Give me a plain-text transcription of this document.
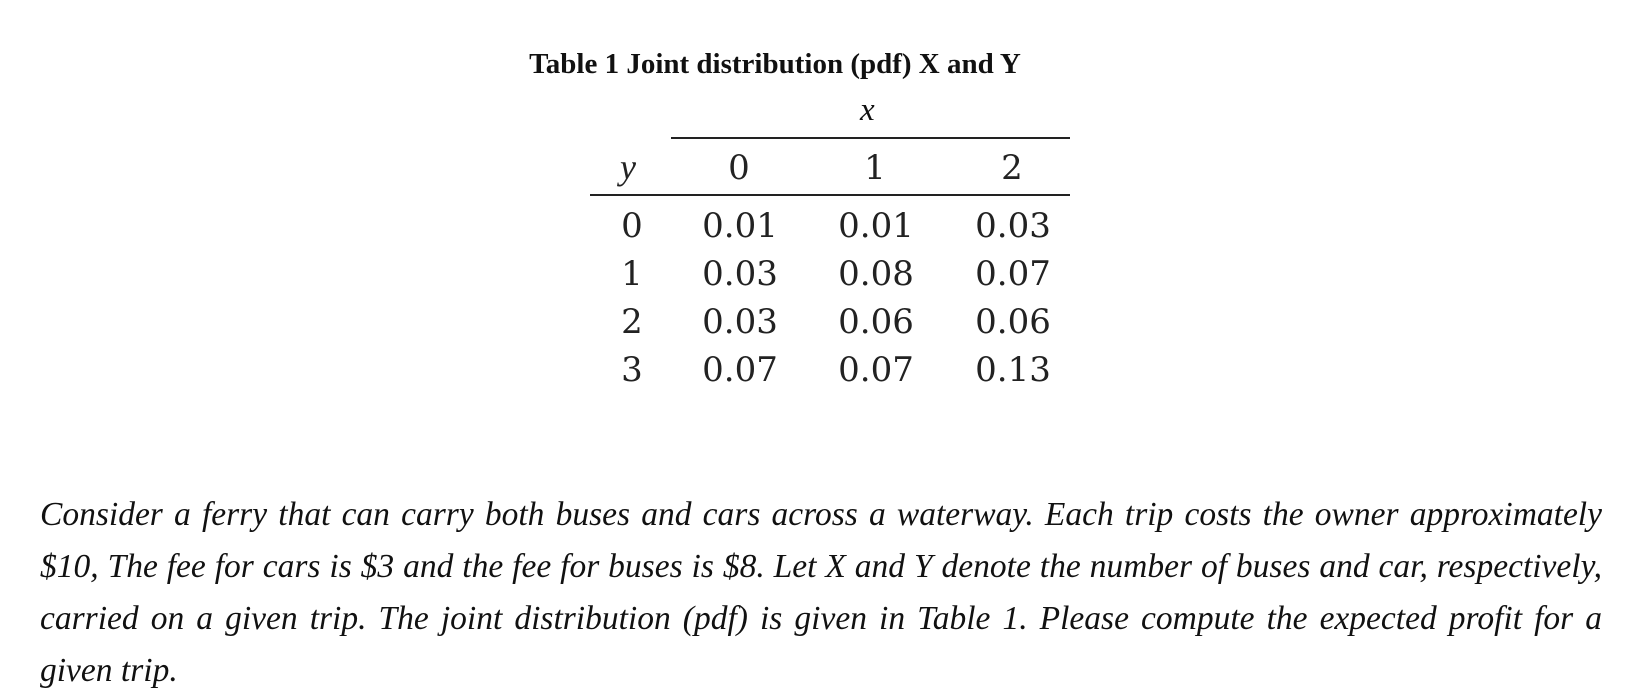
Table 1 Joint distribution (pdf) X and Y
x
y	0	1	2
0 0.01 0.01 0.03
1 0.03 0.08 0.07
2 0.03 0.06 0.06
3 0.07 0.07 0.13

Consider a ferry that can carry both buses and cars across a waterway. Each trip costs the owner approximately $10, The fee for cars is $3 and the fee for buses is $8. Let X and Y denote the number of buses and car, respectively, carried on a given trip. The joint distribution (pdf) is given in Table 1. Please compute the expected profit for a given trip.
